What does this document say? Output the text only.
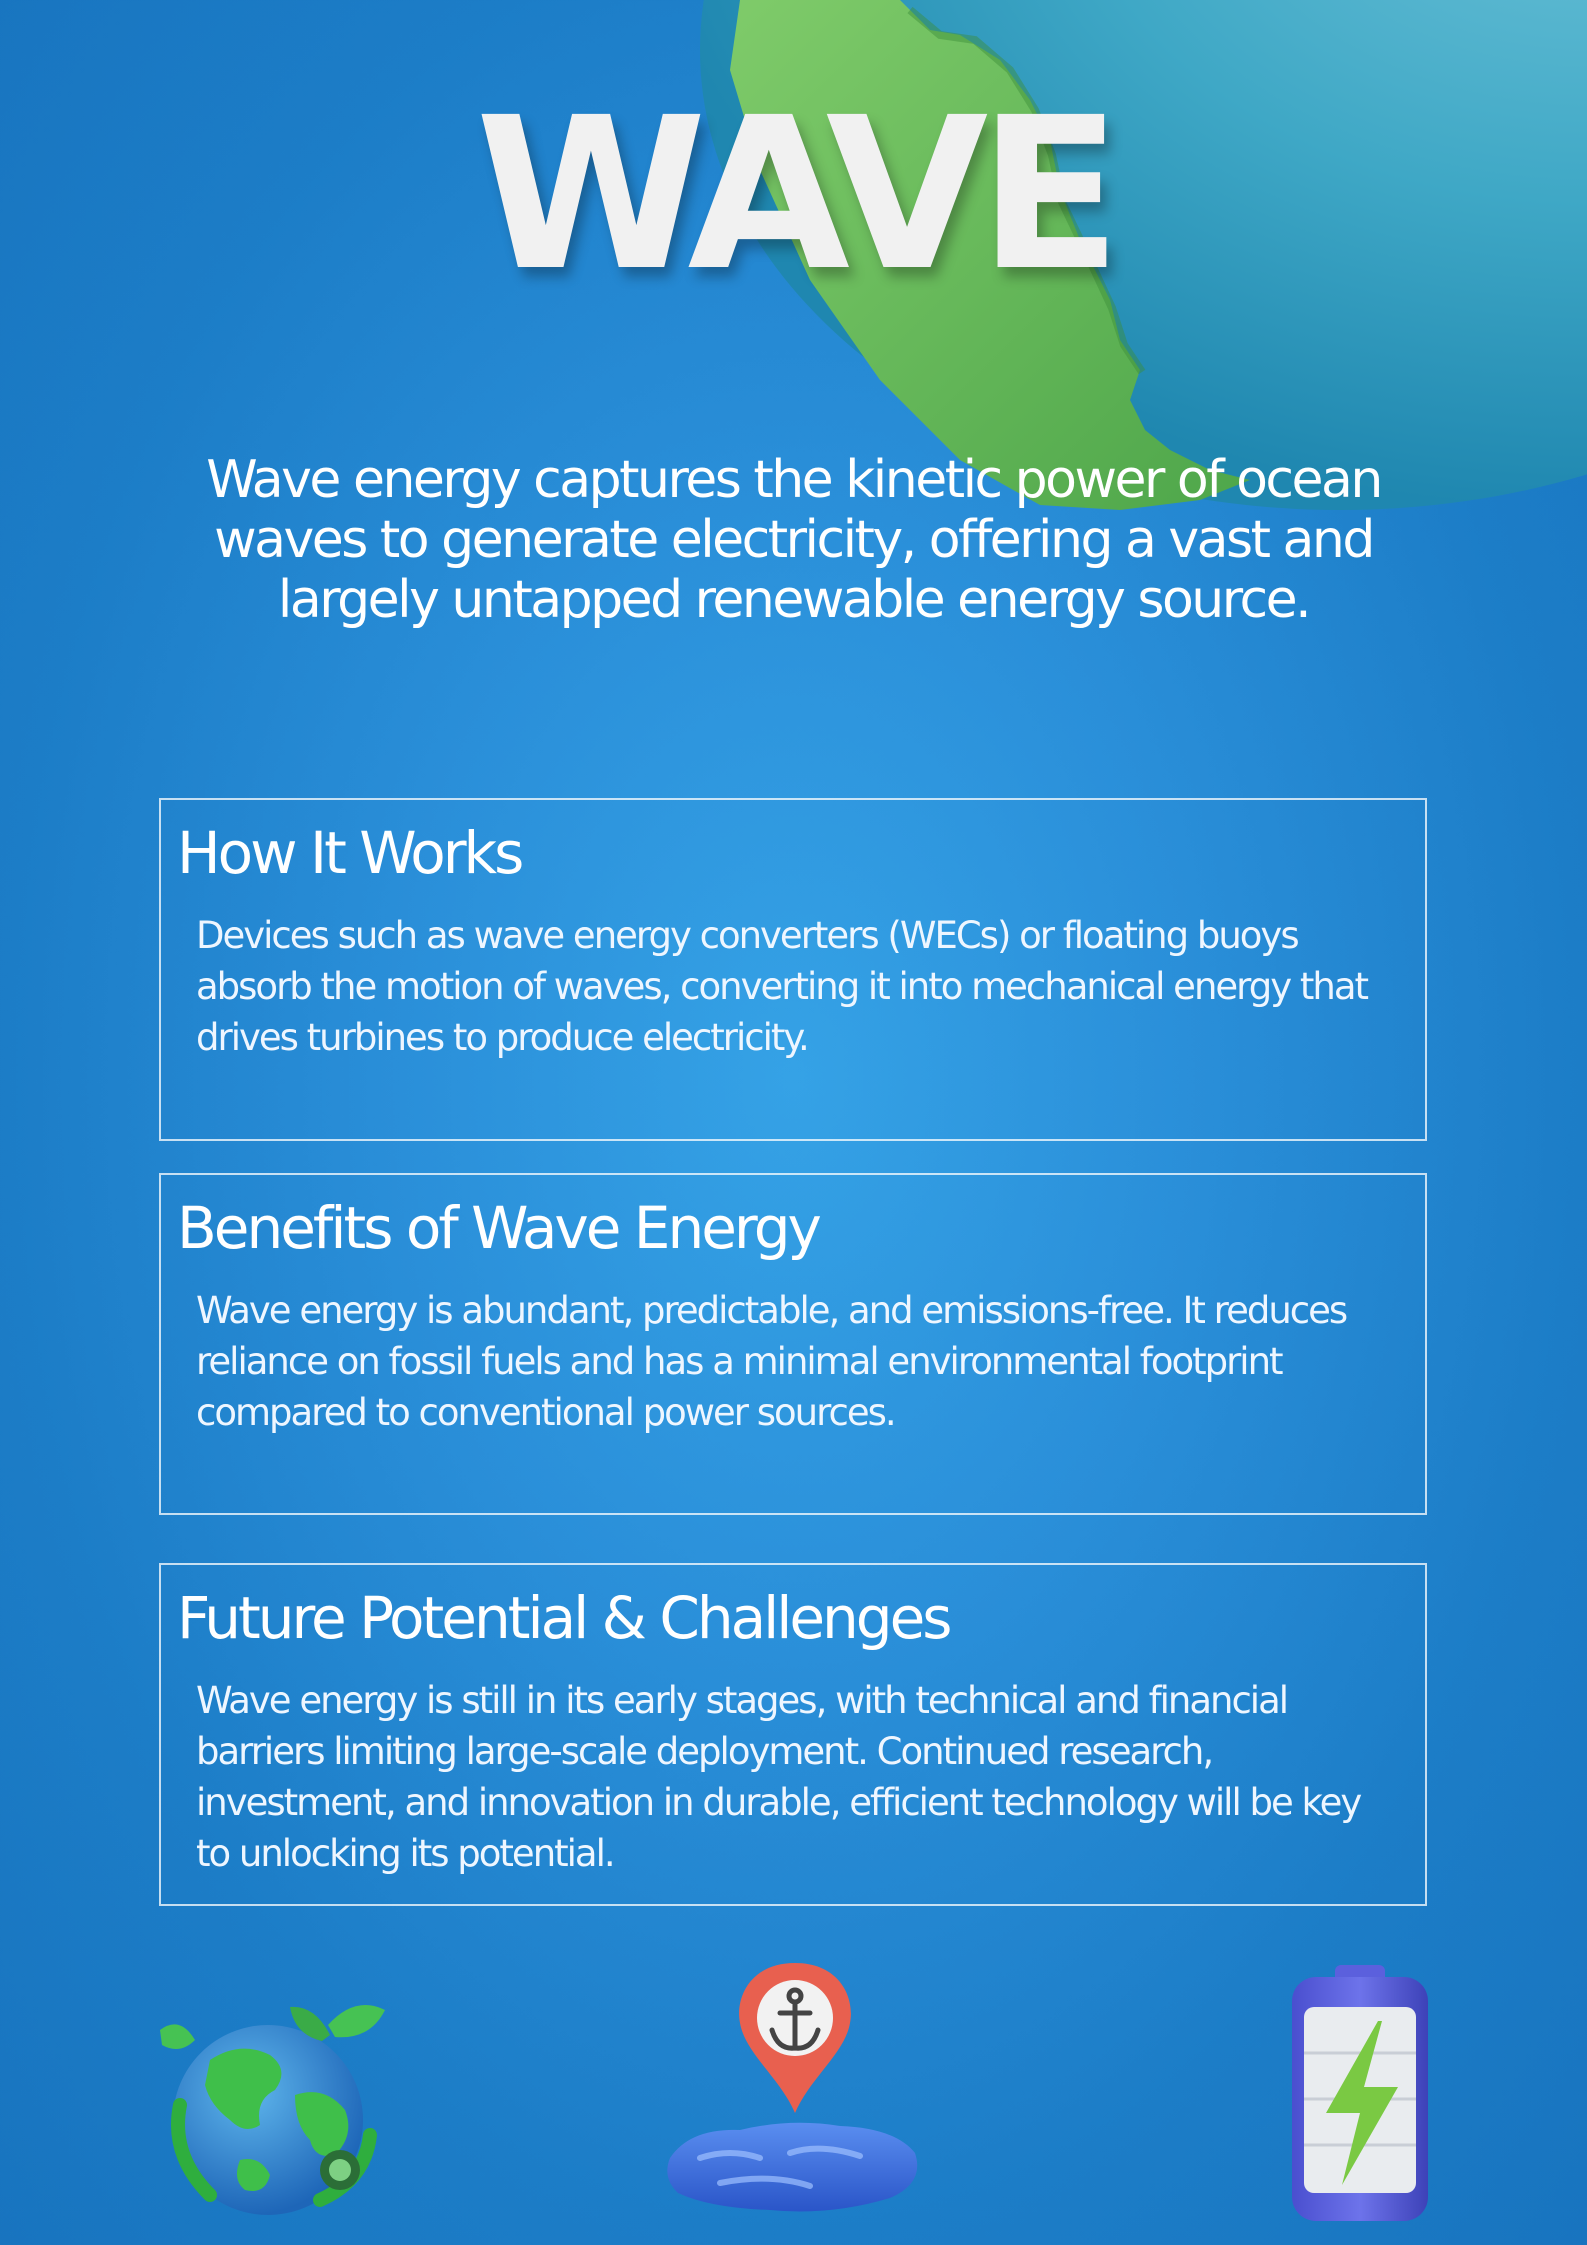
WAVE

Wave energy captures the kinetic power of ocean waves to generate electricity, offering a vast and largely untapped renewable energy source.

How It Works

Devices such as wave energy converters (WECs) or floating buoys absorb the motion of waves, converting it into mechanical energy that drives turbines to produce electricity.

Benefits of Wave Energy

Wave energy is abundant, predictable, and emissions-free. It reduces reliance on fossil fuels and has a minimal environmental footprint compared to conventional power sources.

Future Potential & Challenges

Wave energy is still in its early stages, with technical and financial barriers limiting large-scale deployment. Continued research, investment, and innovation in durable, efficient technology will be key to unlocking its potential.
